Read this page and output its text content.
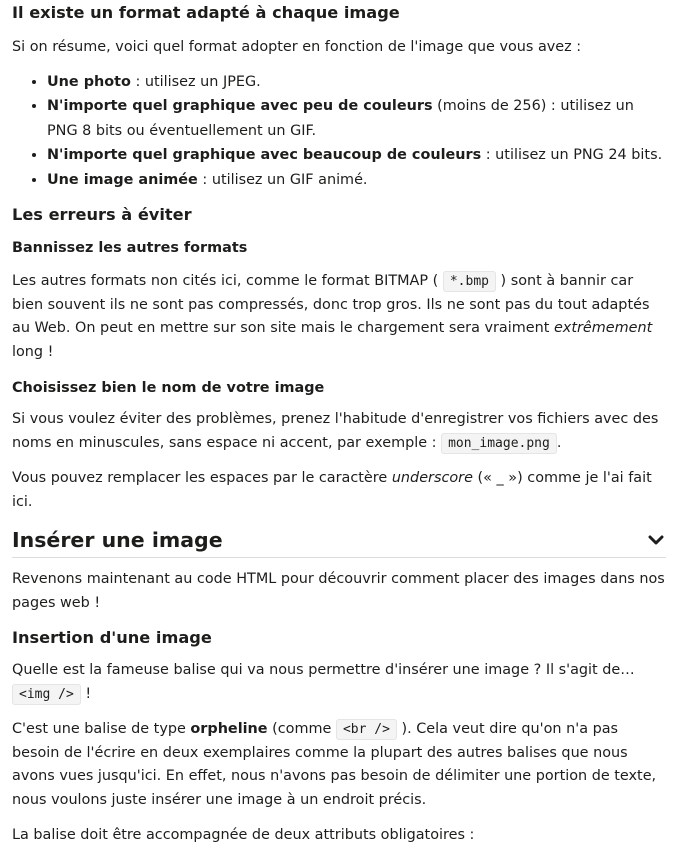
Il existe un format adapté à chaque image

Si on résume, voici quel format adopter en fonction de l'image que vous avez :

• Une photo : utilisez un JPEG.
• N'importe quel graphique avec peu de couleurs (moins de 256) : utilisez un PNG 8 bits ou éventuellement un GIF.
• N'importe quel graphique avec beaucoup de couleurs : utilisez un PNG 24 bits.
• Une image animée : utilisez un GIF animé.
Les erreurs à éviter
Bannissez les autres formats

Les autres formats non cités ici, comme le format BITMAP ( *.bmp ) sont à bannir car bien souvent ils ne sont pas compressés, donc trop gros. Ils ne sont pas du tout adaptés au Web. On peut en mettre sur son site mais le chargement sera vraiment extrêmement long !

Choisissez bien le nom de votre image

Si vous voulez éviter des problèmes, prenez l'habitude d'enregistrer vos fichiers avec des noms en minuscules, sans espace ni accent, par exemple : mon_image.png .

Vous pouvez remplacer les espaces par le caractère underscore (« _ ») comme je l'ai fait ici.

Insérer une image

Revenons maintenant au code HTML pour découvrir comment placer des images dans nos pages web !

Insertion d'une image

Quelle est la fameuse balise qui va nous permettre d'insérer une image ? Il s'agit de… <img /> !

C'est une balise de type orpheline (comme <br /> ). Cela veut dire qu'on n'a pas besoin de l'écrire en deux exemplaires comme la plupart des autres balises que nous avons vues jusqu'ici. En effet, nous n'avons pas besoin de délimiter une portion de texte, nous voulons juste insérer une image à un endroit précis.

La balise doit être accompagnée de deux attributs obligatoires :
